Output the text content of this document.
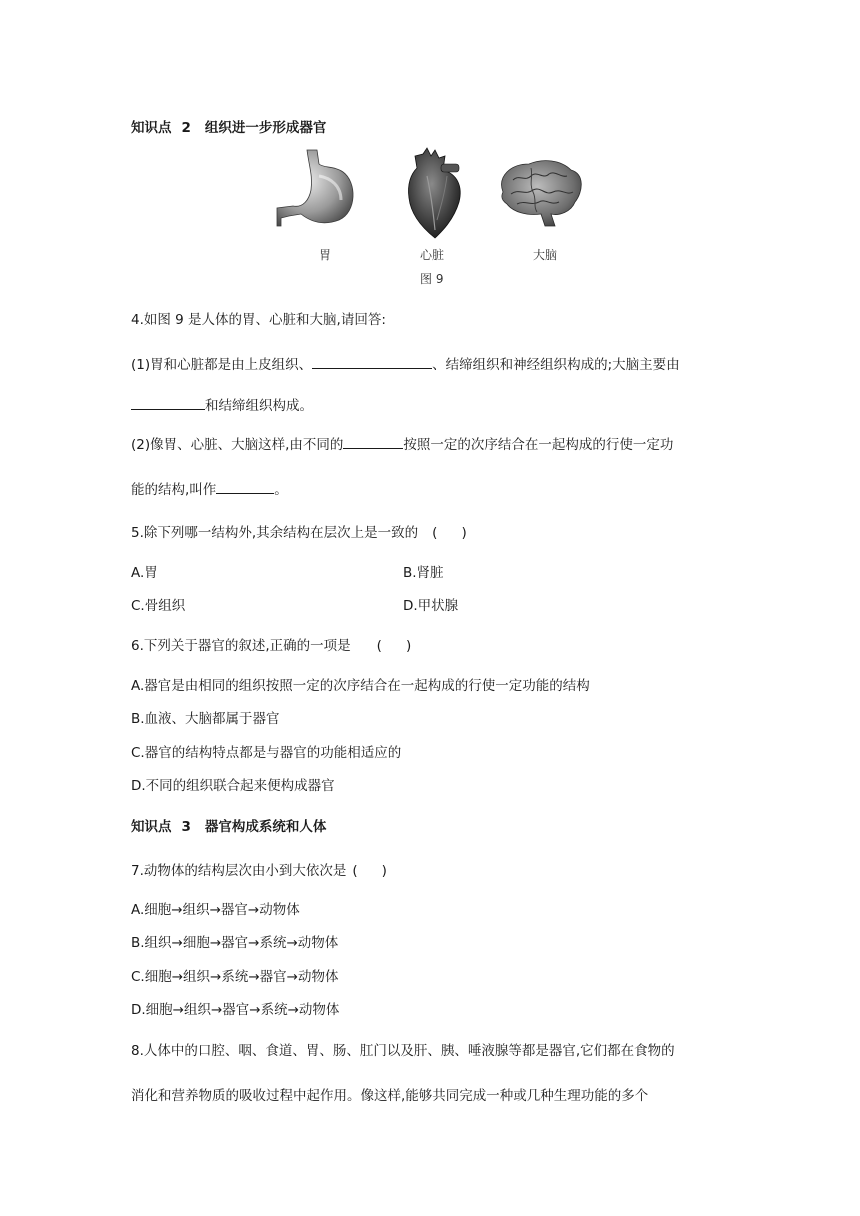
知识点 2 组织进一步形成器官
胃	心脏	大脑
图 9
4.如图 9 是人体的胃、心脏和大脑,请回答:
(1)胃和心脏都是由上皮组织、	、结缔组织和神经组织构成的;大脑主要由
和结缔组织构成。
(2)像胃、心脏、大脑这样,由不同的	按照一定的次序结合在一起构成的行使一定功
能的结构,叫作	。
5.除下列哪一结构外,其余结构在层次上是一致的 ( )
A.胃	B.肾脏
C.骨组织	D.甲状腺
6.下列关于器官的叙述,正确的一项是 ( )
A.器官是由相同的组织按照一定的次序结合在一起构成的行使一定功能的结构
B.血液、大脑都属于器官
C.器官的结构特点都是与器官的功能相适应的
D.不同的组织联合起来便构成器官
知识点 3 器官构成系统和人体
7.动物体的结构层次由小到大依次是 ( )
A.细胞→组织→器官→动物体
B.组织→细胞→器官→系统→动物体
C.细胞→组织→系统→器官→动物体
D.细胞→组织→器官→系统→动物体
8.人体中的口腔、咽、食道、胃、肠、肛门以及肝、胰、唾液腺等都是器官,它们都在食物的
消化和营养物质的吸收过程中起作用。像这样,能够共同完成一种或几种生理功能的多个
